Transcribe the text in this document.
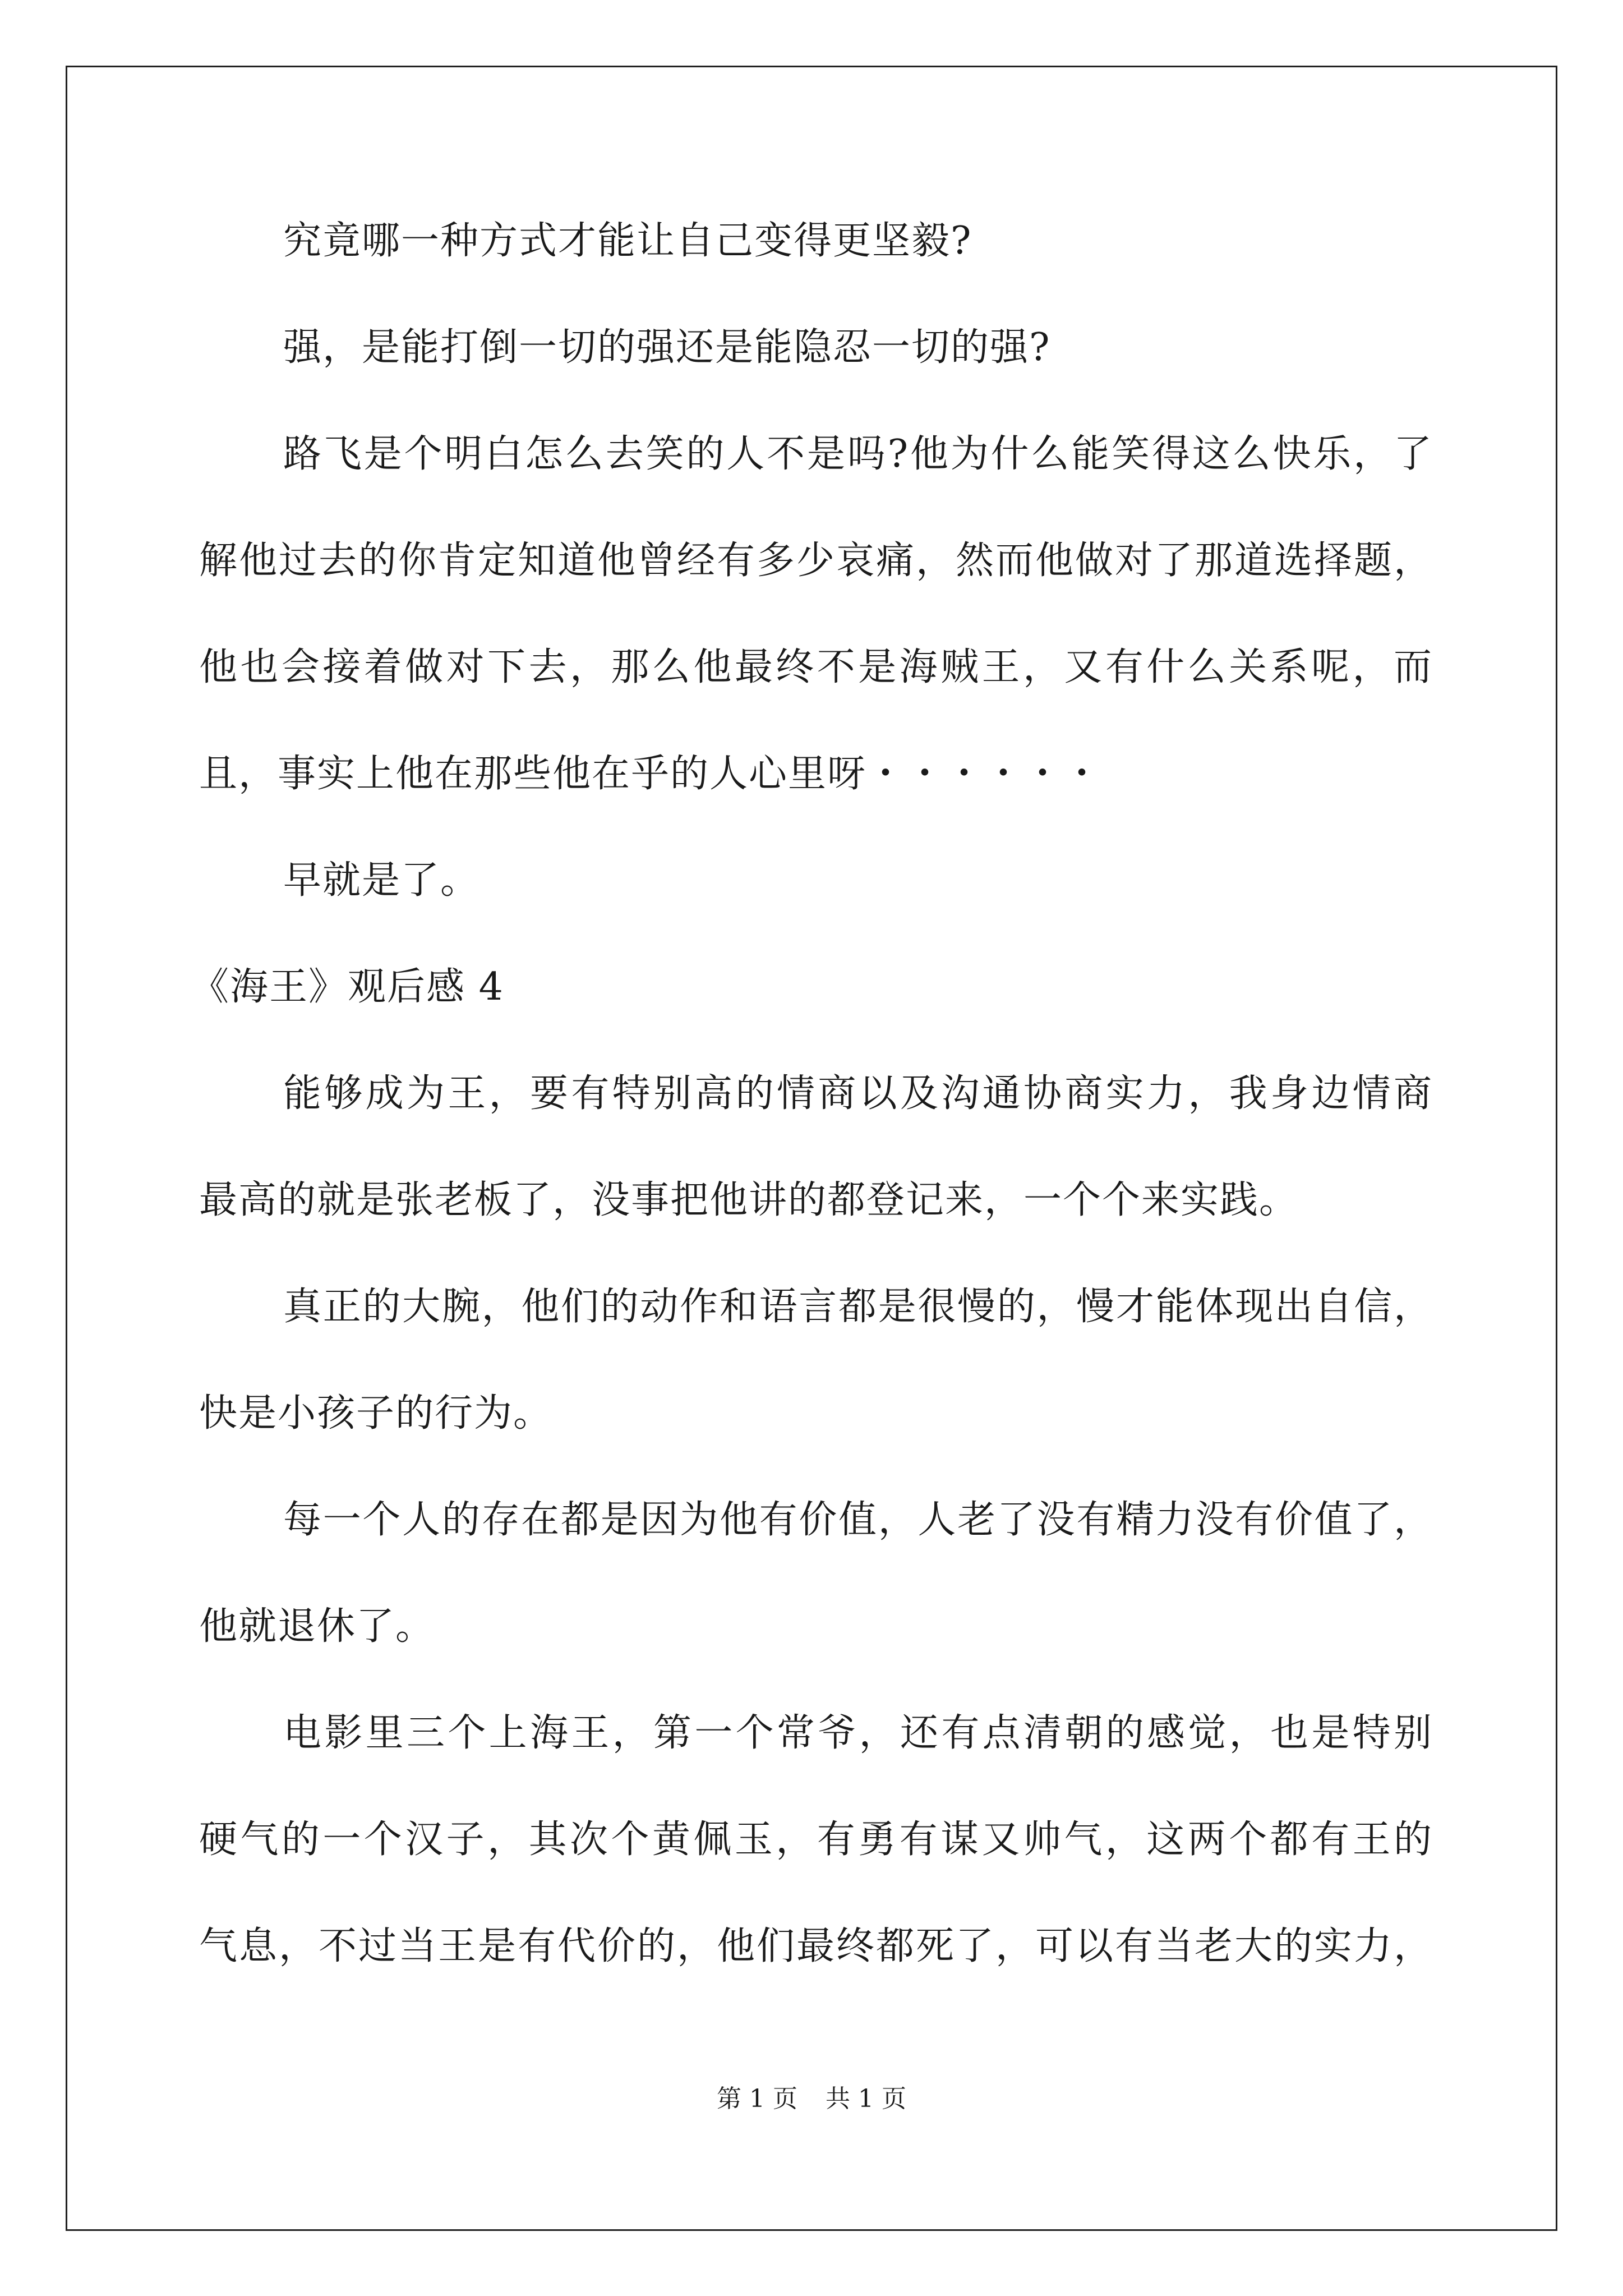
究竟哪一种方式才能让自己变得更坚毅?
强，是能打倒一切的强还是能隐忍一切的强?
路飞是个明白怎么去笑的人不是吗?他为什么能笑得这么快乐，了
解他过去的你肯定知道他曾经有多少哀痛，然而他做对了那道选择题，
他也会接着做对下去，那么他最终不是海贼王，又有什么关系呢，而
且，事实上他在那些他在乎的人心里呀・・・・・・
早就是了。
《海王》观后感 4
能够成为王，要有特别高的情商以及沟通协商实力，我身边情商
最高的就是张老板了，没事把他讲的都登记来，一个个来实践。
真正的大腕，他们的动作和语言都是很慢的，慢才能体现出自信，
快是小孩子的行为。
每一个人的存在都是因为他有价值，人老了没有精力没有价值了，
他就退休了。
电影里三个上海王，第一个常爷，还有点清朝的感觉，也是特别
硬气的一个汉子，其次个黄佩玉，有勇有谋又帅气，这两个都有王的
气息，不过当王是有代价的，他们最终都死了，可以有当老大的实力，
第 1 页 共 1 页
